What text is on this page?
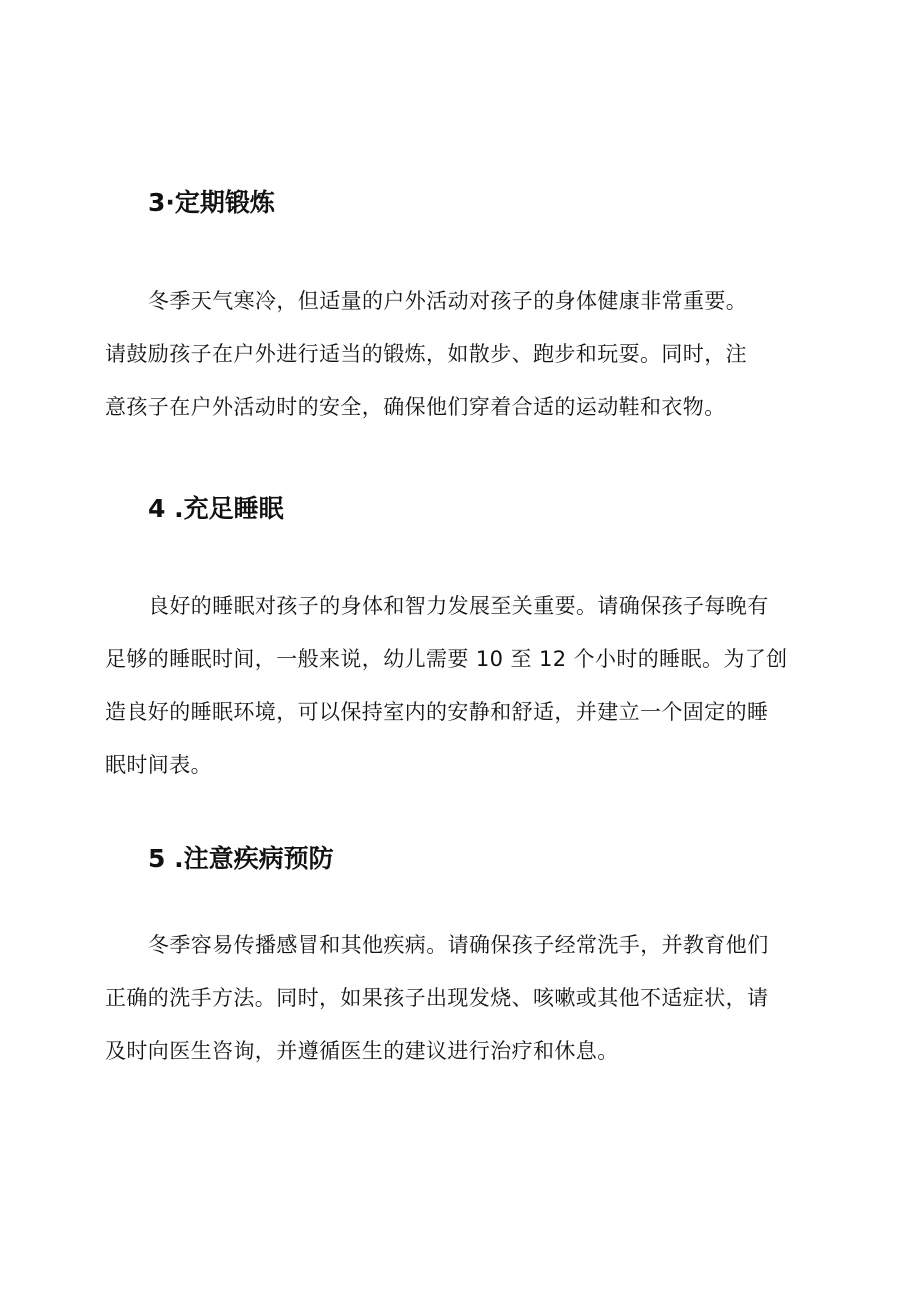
3·定期锻炼
冬季天气寒冷，但适量的户外活动对孩子的身体健康非常重要。
请鼓励孩子在户外进行适当的锻炼，如散步、跑步和玩耍。同时，注
意孩子在户外活动时的安全，确保他们穿着合适的运动鞋和衣物。
4 .充足睡眠
良好的睡眠对孩子的身体和智力发展至关重要。请确保孩子每晚有
足够的睡眠时间，一般来说，幼儿需要 10 至 12 个小时的睡眠。为了创
造良好的睡眠环境，可以保持室内的安静和舒适，并建立一个固定的睡
眠时间表。
5 .注意疾病预防
冬季容易传播感冒和其他疾病。请确保孩子经常洗手，并教育他们
正确的洗手方法。同时，如果孩子出现发烧、咳嗽或其他不适症状，请
及时向医生咨询，并遵循医生的建议进行治疗和休息。
